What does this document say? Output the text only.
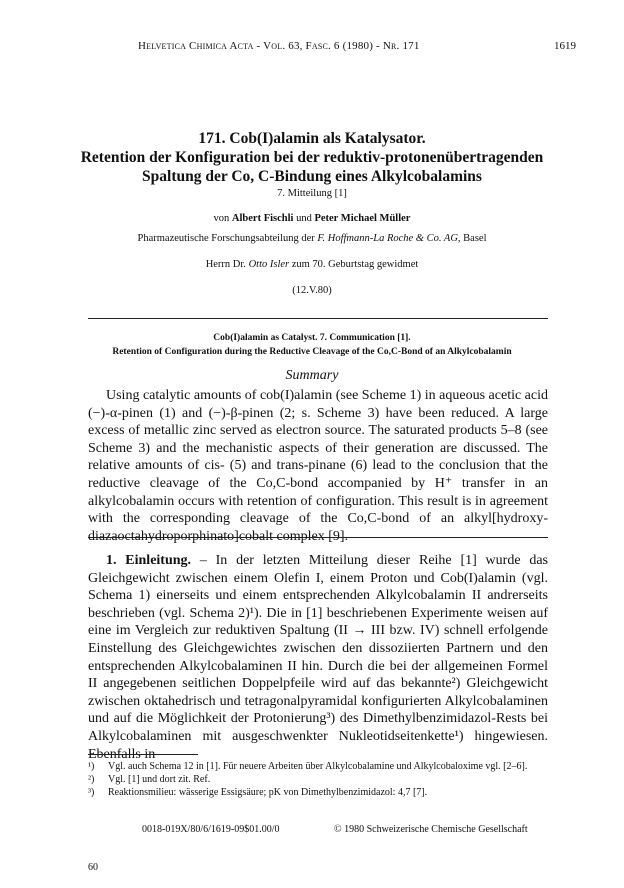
Helvetica Chimica Acta - Vol. 63, Fasc. 6 (1980) - Nr. 171	1619
171. Cob(I)alamin als Katalysator.
Retention der Konfiguration bei der reduktiv-protonenübertragenden
Spaltung der Co, C-Bindung eines Alkylcobalamins
7. Mitteilung [1]
von Albert Fischli und Peter Michael Müller
Pharmazeutische Forschungsabteilung der F. Hoffmann-La Roche & Co. AG, Basel
Herrn Dr. Otto Isler zum 70. Geburtstag gewidmet
(12.V.80)
Cob(I)alamin as Catalyst. 7. Communication [1].
Retention of Configuration during the Reductive Cleavage of the Co,C-Bond of an Alkylcobalamin
Summary

Using catalytic amounts of cob(I)alamin (see Scheme 1) in aqueous acetic acid (−)-α-pinen (1) and (−)-β-pinen (2; s. Scheme 3) have been reduced. A large excess of metallic zinc served as electron source. The saturated products 5–8 (see Scheme 3) and the mechanistic aspects of their generation are discussed. The relative amounts of cis- (5) and trans-pinane (6) lead to the conclusion that the reductive cleavage of the Co,C-bond accompanied by H⁺ transfer in an alkylcobalamin occurs with retention of configuration. This result is in agreement with the corresponding cleavage of the Co,C-bond of an alkyl[hydroxy-diazaoctahydroporphinato]cobalt complex [9].

1. Einleitung. – In der letzten Mitteilung dieser Reihe [1] wurde das Gleichgewicht zwischen einem Olefin I, einem Proton und Cob(I)alamin (vgl. Schema 1) einerseits und einem entsprechenden Alkylcobalamin II andrerseits beschrieben (vgl. Schema 2)¹). Die in [1] beschriebenen Experimente weisen auf eine im Vergleich zur reduktiven Spaltung (II → III bzw. IV) schnell erfolgende Einstellung des Gleichgewichtes zwischen den dissoziierten Partnern und den entsprechenden Alkylcobalaminen II hin. Durch die bei der allgemeinen Formel II angegebenen seitlichen Doppelpfeile wird auf das bekannte²) Gleichgewicht zwischen oktahedrisch und tetragonalpyramidal konfigurierten Alkylcobalaminen und auf die Möglichkeit der Protonierung³) des Dimethylbenzimidazol-Rests bei Alkylcobalaminen mit ausgeschwenkter Nukleotidseitenkette¹) hingewiesen. Ebenfalls in

¹)	Vgl. auch Schema 12 in [1]. Für neuere Arbeiten über Alkylcobalamine und Alkylcobaloxime vgl. [2–6].
²)	Vgl. [1] und dort zit. Ref.
³)	Reaktionsmilieu: wässerige Essigsäure; pK von Dimethylbenzimidazol: 4,7 [7].
0018-019X/80/6/1619-09$01.00/0	© 1980 Schweizerische Chemische Gesellschaft
60
